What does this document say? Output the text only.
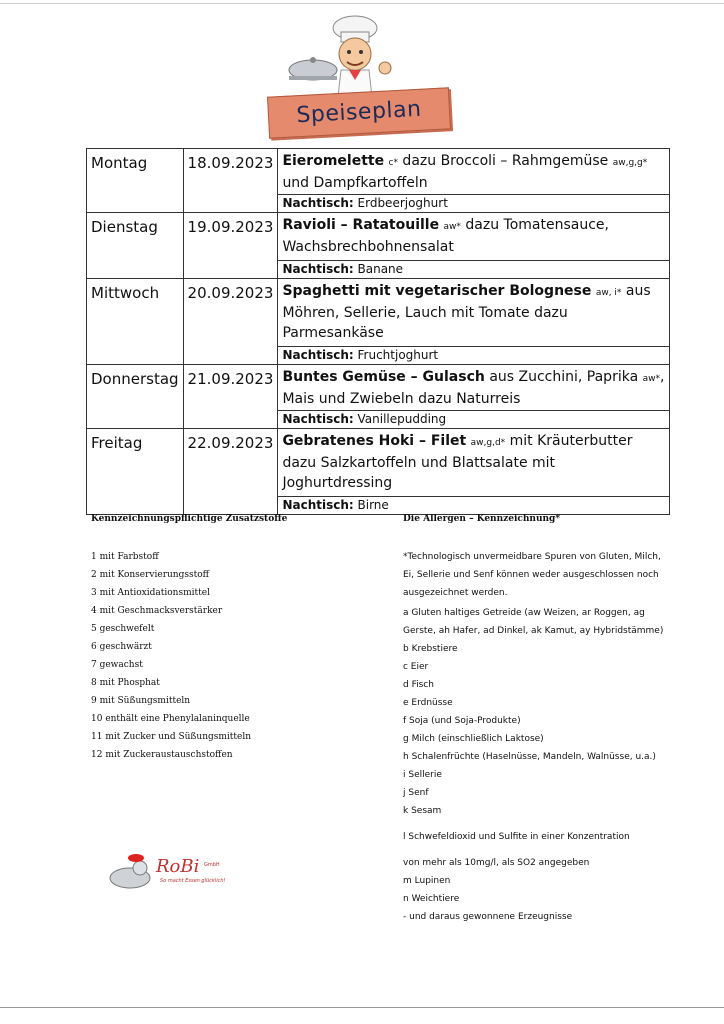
Speiseplan
Montag	18.09.2023	Eieromelette c* dazu Broccoli – Rahmgemüse aw,g,g* und Dampfkartoffeln
		Nachtisch: Erdbeerjoghurt
Dienstag	19.09.2023	Ravioli – Ratatouille aw* dazu Tomatensauce, Wachsbrechbohnensalat
		Nachtisch: Banane
Mittwoch	20.09.2023	Spaghetti mit vegetarischer Bolognese aw, i* aus Möhren, Sellerie, Lauch mit Tomate dazu Parmesankäse
		Nachtisch: Fruchtjoghurt
Donnerstag	21.09.2023	Buntes Gemüse – Gulasch aus Zucchini, Paprika aw*, Mais und Zwiebeln dazu Naturreis
		Nachtisch: Vanillepudding
Freitag	22.09.2023	Gebratenes Hoki – Filet aw,g,d* mit Kräuterbutter dazu Salzkartoffeln und Blattsalate mit Joghurtdressing
		Nachtisch: Birne
Kennzeichnungspflichtige Zusatzstoffe
1 mit Farbstoff
2 mit Konservierungsstoff
3 mit Antioxidationsmittel
4 mit Geschmacksverstärker
5 geschwefelt
6 geschwärzt
7 gewachst
8 mit Phosphat
9 mit Süßungsmitteln
10 enthält eine Phenylalaninquelle
11 mit Zucker und Süßungsmitteln
12 mit Zuckeraustauschstoffen
Die Allergen – Kennzeichnung*
*Technologisch unvermeidbare Spuren von Gluten, Milch, Ei, Sellerie und Senf können weder ausgeschlossen noch ausgezeichnet werden.
a Gluten haltiges Getreide (aw Weizen, ar Roggen, ag Gerste, ah Hafer, ad Dinkel, ak Kamut, ay Hybridstämme)
b Krebstiere
c Eier
d Fisch
e Erdnüsse
f Soja (und Soja-Produkte)
g Milch (einschließlich Laktose)
h Schalenfrüchte (Haselnüsse, Mandeln, Walnüsse, u.a.)
i Sellerie
j Senf
k Sesam
l Schwefeldioxid und Sulfite in einer Konzentration
von mehr als 10mg/l, als SO2 angegeben
m Lupinen
n Weichtiere
- und daraus gewonnene Erzeugnisse
RoBi GmbH
So macht Essen glücklich!
